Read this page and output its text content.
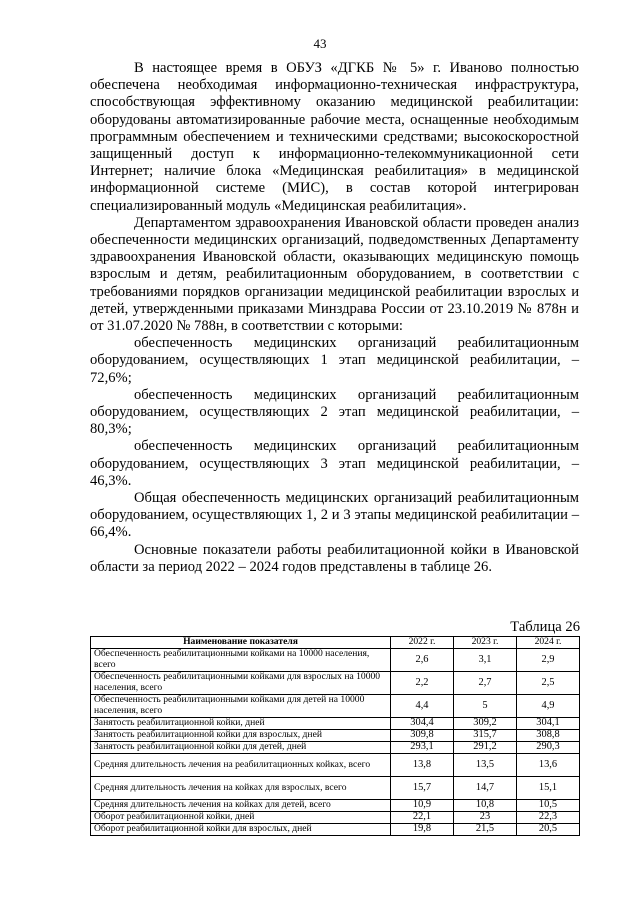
43

В настоящее время в ОБУЗ «ДГКБ № 5» г. Иваново полностью обеспечена необходимая информационно-техническая инфраструктура, способствующая эффективному оказанию медицинской реабилитации: оборудованы автоматизированные рабочие места, оснащенные необходимым программным обеспечением и техническими средствами; высокоскоростной защищенный доступ к информационно-телекоммуникационной сети Интернет; наличие блока «Медицинская реабилитация» в медицинской информационной системе (МИС), в состав которой интегрирован специализированный модуль «Медицинская реабилитация».

Департаментом здравоохранения Ивановской области проведен анализ обеспеченности медицинских организаций, подведомственных Департаменту здравоохранения Ивановской области, оказывающих медицинскую помощь взрослым и детям, реабилитационным оборудованием, в соответствии с требованиями порядков организации медицинской реабилитации взрослых и детей, утвержденными приказами Минздрава России от 23.10.2019 № 878н и от 31.07.2020 № 788н, в соответствии с которыми:

обеспеченность медицинских организаций реабилитационным оборудованием, осуществляющих 1 этап медицинской реабилитации, – 72,6%;

обеспеченность медицинских организаций реабилитационным оборудованием, осуществляющих 2 этап медицинской реабилитации, – 80,3%;

обеспеченность медицинских организаций реабилитационным оборудованием, осуществляющих 3 этап медицинской реабилитации, – 46,3%.

Общая обеспеченность медицинских организаций реабилитационным оборудованием, осуществляющих 1, 2 и 3 этапы медицинской реабилитации – 66,4%.

Основные показатели работы реабилитационной койки в Ивановской области за период 2022 – 2024 годов представлены в таблице 26.

Таблица 26
Наименование показателя	2022 г.	2023 г.	2024 г.
Обеспеченность реабилитационными койками на 10000 населения, всего	2,6	3,1	2,9
Обеспеченность реабилитационными койками для взрослых на 10000 населения, всего	2,2	2,7	2,5
Обеспеченность реабилитационными койками для детей на 10000 населения, всего	4,4	5	4,9
Занятость реабилитационной койки, дней	304,4	309,2	304,1
Занятость реабилитационной койки для взрослых, дней	309,8	315,7	308,8
Занятость реабилитационной койки для детей, дней	293,1	291,2	290,3
Средняя длительность лечения на реабилитационных койках, всего	13,8	13,5	13,6
Средняя длительность лечения на койках для взрослых, всего	15,7	14,7	15,1
Средняя длительность лечения на койках для детей, всего	10,9	10,8	10,5
Оборот реабилитационной койки, дней	22,1	23	22,3
Оборот реабилитационной койки для взрослых, дней	19,8	21,5	20,5
